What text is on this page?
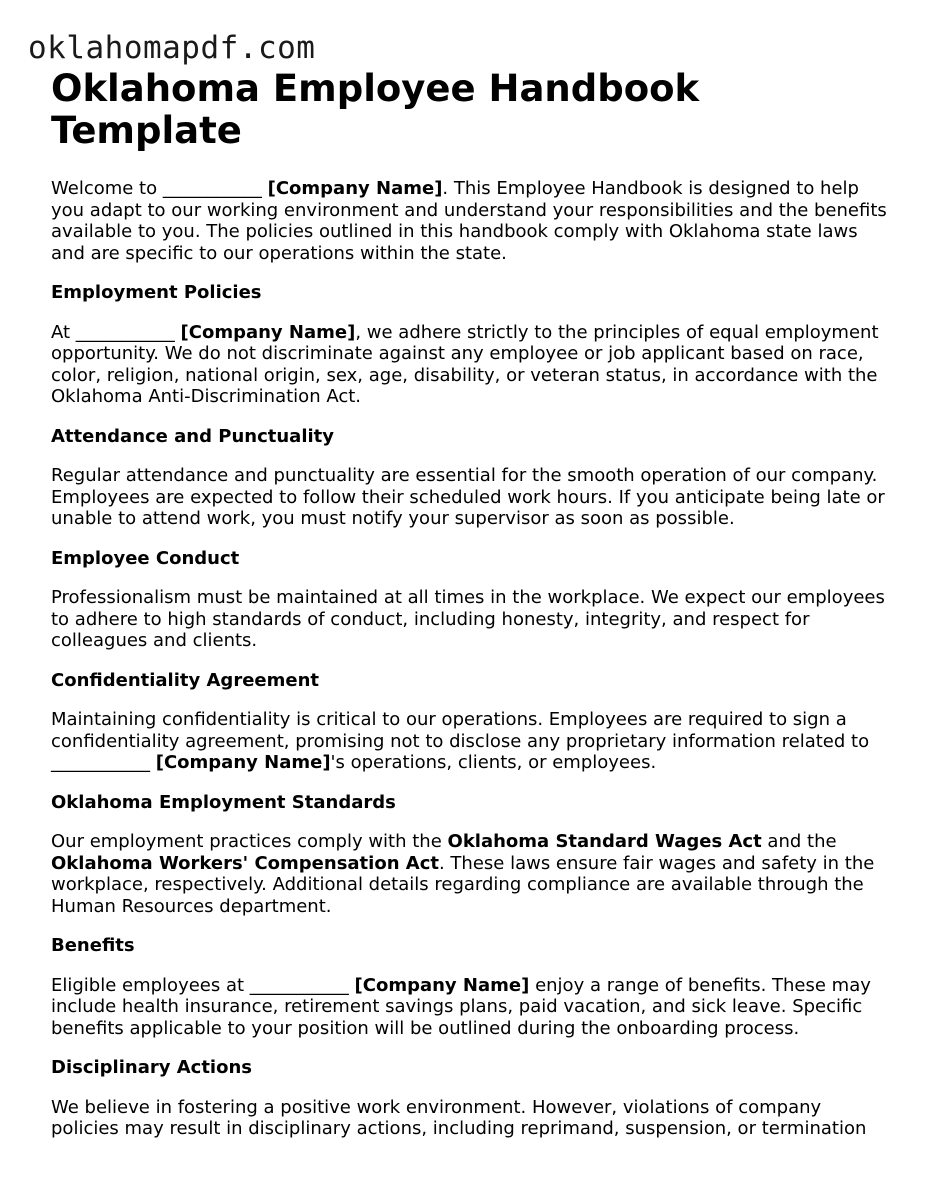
oklahomapdf.com
Oklahoma Employee Handbook Template

Welcome to ___________ [Company Name]. This Employee Handbook is designed to help you adapt to our working environment and understand your responsibilities and the benefits available to you. The policies outlined in this handbook comply with Oklahoma state laws and are specific to our operations within the state.

Employment Policies

At ___________ [Company Name], we adhere strictly to the principles of equal employment opportunity. We do not discriminate against any employee or job applicant based on race, color, religion, national origin, sex, age, disability, or veteran status, in accordance with the Oklahoma Anti-Discrimination Act.

Attendance and Punctuality

Regular attendance and punctuality are essential for the smooth operation of our company. Employees are expected to follow their scheduled work hours. If you anticipate being late or unable to attend work, you must notify your supervisor as soon as possible.

Employee Conduct

Professionalism must be maintained at all times in the workplace. We expect our employees to adhere to high standards of conduct, including honesty, integrity, and respect for colleagues and clients.

Confidentiality Agreement

Maintaining confidentiality is critical to our operations. Employees are required to sign a confidentiality agreement, promising not to disclose any proprietary information related to ___________ [Company Name]'s operations, clients, or employees.

Oklahoma Employment Standards

Our employment practices comply with the Oklahoma Standard Wages Act and the Oklahoma Workers' Compensation Act. These laws ensure fair wages and safety in the workplace, respectively. Additional details regarding compliance are available through the Human Resources department.

Benefits

Eligible employees at ___________ [Company Name] enjoy a range of benefits. These may include health insurance, retirement savings plans, paid vacation, and sick leave. Specific benefits applicable to your position will be outlined during the onboarding process.

Disciplinary Actions

We believe in fostering a positive work environment. However, violations of company policies may result in disciplinary actions, including reprimand, suspension, or termination
